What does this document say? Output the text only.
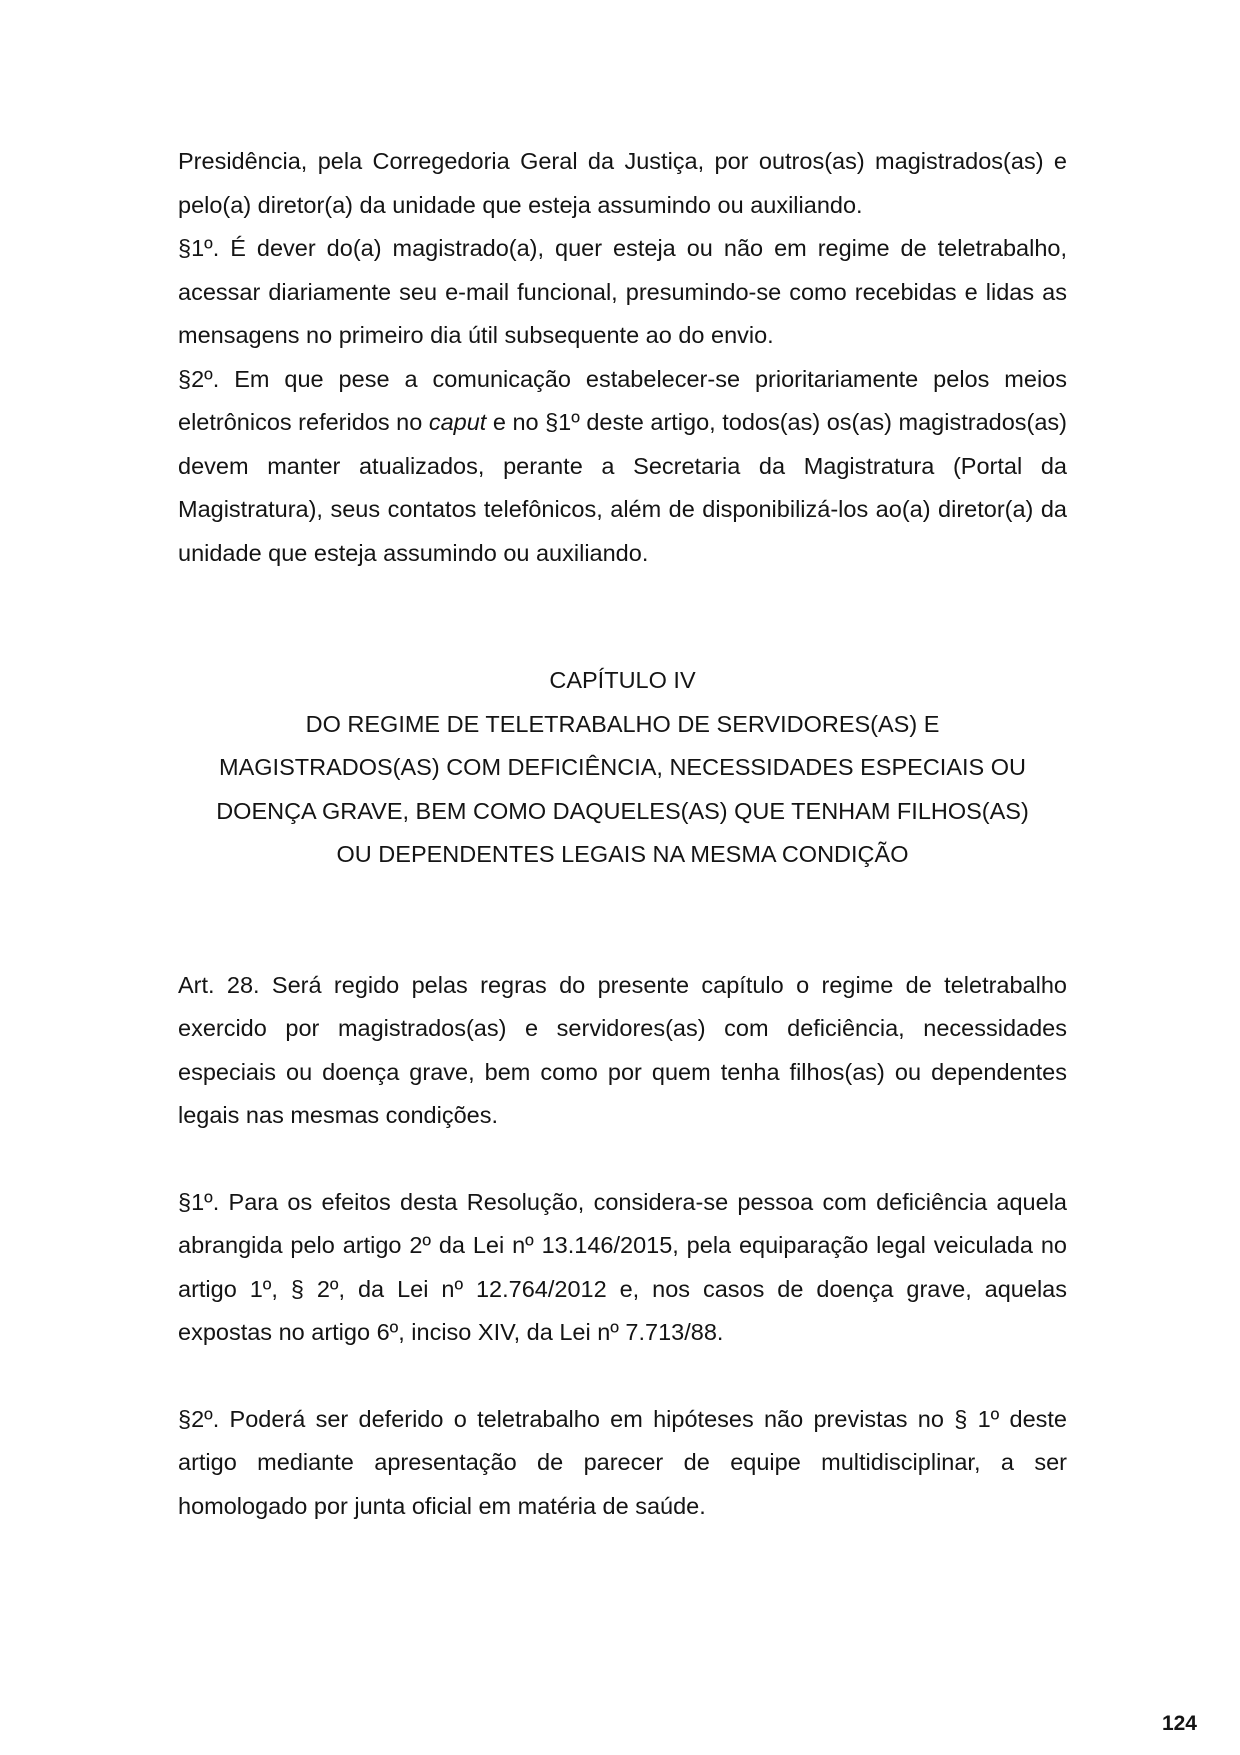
Presidência, pela Corregedoria Geral da Justiça, por outros(as) magistrados(as) e pelo(a) diretor(a) da unidade que esteja assumindo ou auxiliando.

§1º. É dever do(a) magistrado(a), quer esteja ou não em regime de teletrabalho, acessar diariamente seu e-mail funcional, presumindo-se como recebidas e lidas as mensagens no primeiro dia útil subsequente ao do envio.

§2º. Em que pese a comunicação estabelecer-se prioritariamente pelos meios eletrônicos referidos no caput e no §1º deste artigo, todos(as) os(as) magistrados(as) devem manter atualizados, perante a Secretaria da Magistratura (Portal da Magistratura), seus contatos telefônicos, além de disponibilizá-los ao(a) diretor(a) da unidade que esteja assumindo ou auxiliando.

CAPÍTULO IV
DO REGIME DE TELETRABALHO DE SERVIDORES(AS) E
MAGISTRADOS(AS) COM DEFICIÊNCIA, NECESSIDADES ESPECIAIS OU
DOENÇA GRAVE, BEM COMO DAQUELES(AS) QUE TENHAM FILHOS(AS)
OU DEPENDENTES LEGAIS NA MESMA CONDIÇÃO

Art. 28. Será regido pelas regras do presente capítulo o regime de teletrabalho exercido por magistrados(as) e servidores(as) com deficiência, necessidades especiais ou doença grave, bem como por quem tenha filhos(as) ou dependentes legais nas mesmas condições.

§1º. Para os efeitos desta Resolução, considera-se pessoa com deficiência aquela abrangida pelo artigo 2º da Lei nº 13.146/2015, pela equiparação legal veiculada no artigo 1º, § 2º, da Lei nº 12.764/2012 e, nos casos de doença grave, aquelas expostas no artigo 6º, inciso XIV, da Lei nº 7.713/88.

§2º. Poderá ser deferido o teletrabalho em hipóteses não previstas no § 1º deste artigo mediante apresentação de parecer de equipe multidisciplinar, a ser homologado por junta oficial em matéria de saúde.

124
